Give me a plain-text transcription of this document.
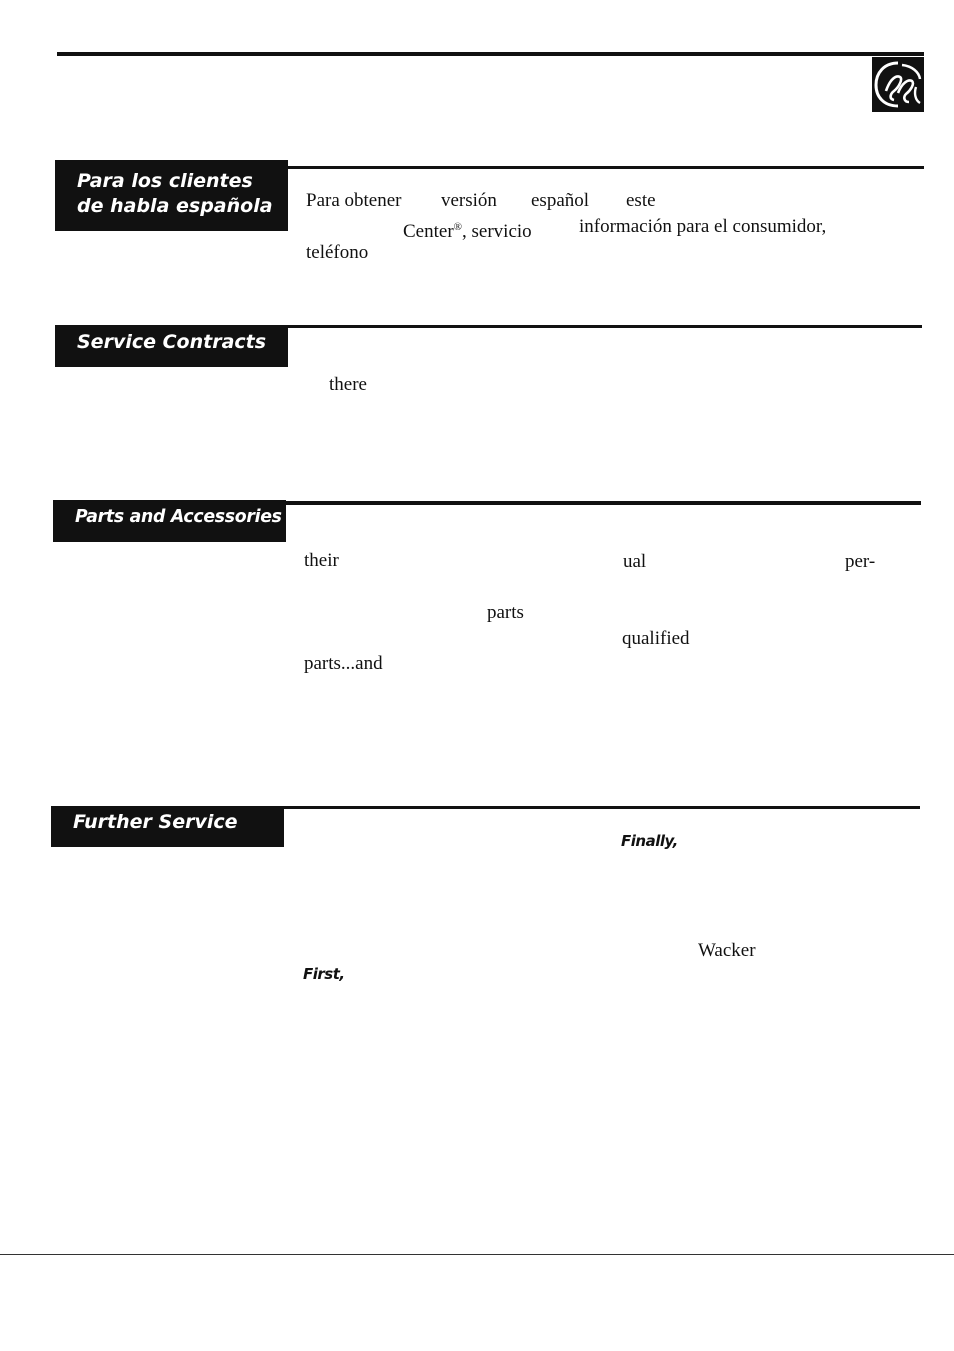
Para los clientes
de habla española	Para obtener versión español este
Center®, servicio información para el consumidor,
teléfono
Service Contracts
there
Parts and Accessories
their	ual	per-
parts
qualified
parts...and
Further Service
Finally,
Wacker
First,
